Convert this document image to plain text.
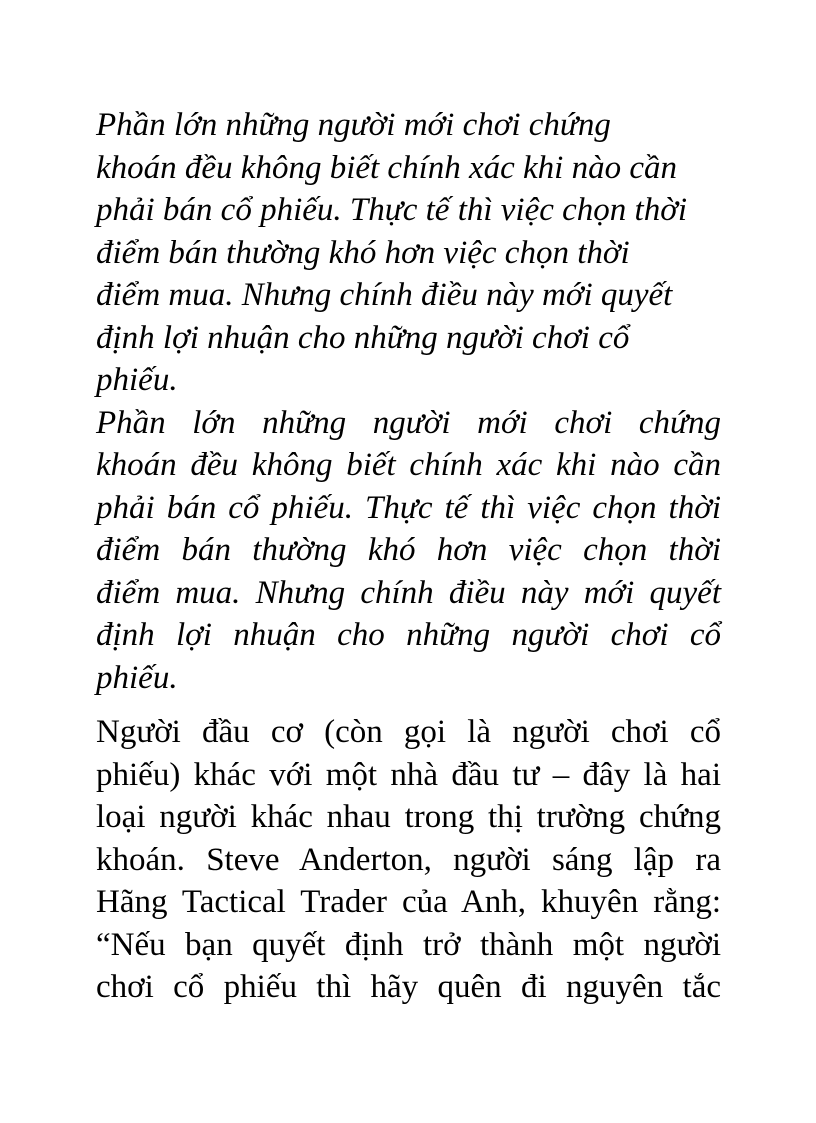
Phần lớn những người mới chơi chứng
khoán đều không biết chính xác khi nào cần
phải bán cổ phiếu. Thực tế thì việc chọn thời
điểm bán thường khó hơn việc chọn thời
điểm mua. Nhưng chính điều này mới quyết
định lợi nhuận cho những người chơi cổ
phiếu.
Phần lớn những người mới chơi chứng
khoán đều không biết chính xác khi nào cần
phải bán cổ phiếu. Thực tế thì việc chọn thời
điểm bán thường khó hơn việc chọn thời
điểm mua. Nhưng chính điều này mới quyết
định lợi nhuận cho những người chơi cổ
phiếu.
Người đầu cơ (còn gọi là người chơi cổ
phiếu) khác với một nhà đầu tư – đây là hai
loại người khác nhau trong thị trường chứng
khoán. Steve Anderton, người sáng lập ra
Hãng Tactical Trader của Anh, khuyên rằng:
“Nếu bạn quyết định trở thành một người
chơi cổ phiếu thì hãy quên đi nguyên tắc
